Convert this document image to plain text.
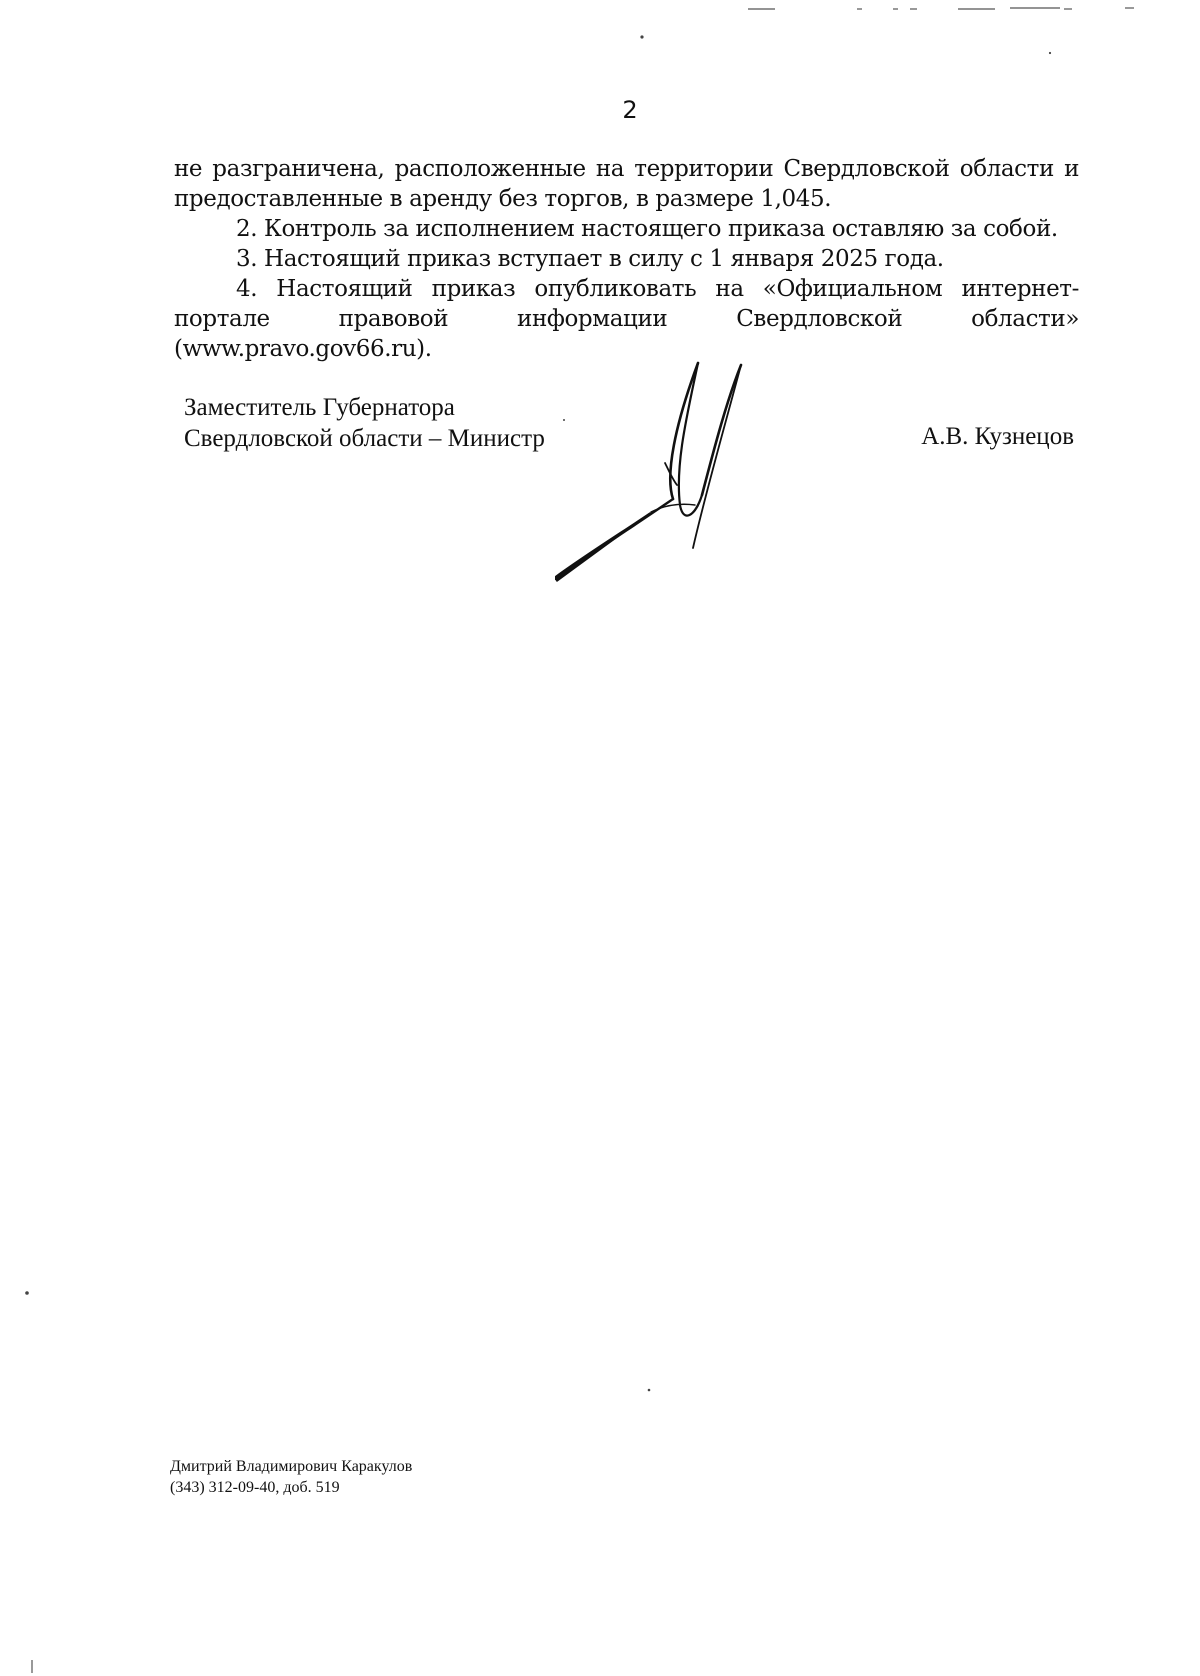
2

не разграничена, расположенные на территории Свердловской области и предоставленные в аренду без торгов, в размере 1,045.

2. Контроль за исполнением настоящего приказа оставляю за собой.

3. Настоящий приказ вступает в силу с 1 января 2025 года.

4. Настоящий приказ опубликовать на «Официальном интернет-портале правовой информации Свердловской области» (www.pravo.gov66.ru).

Заместитель Губернатора
Свердловской области – Министр	А.В. Кузнецов
Дмитрий Владимирович Каракулов
(343) 312-09-40, доб. 519
